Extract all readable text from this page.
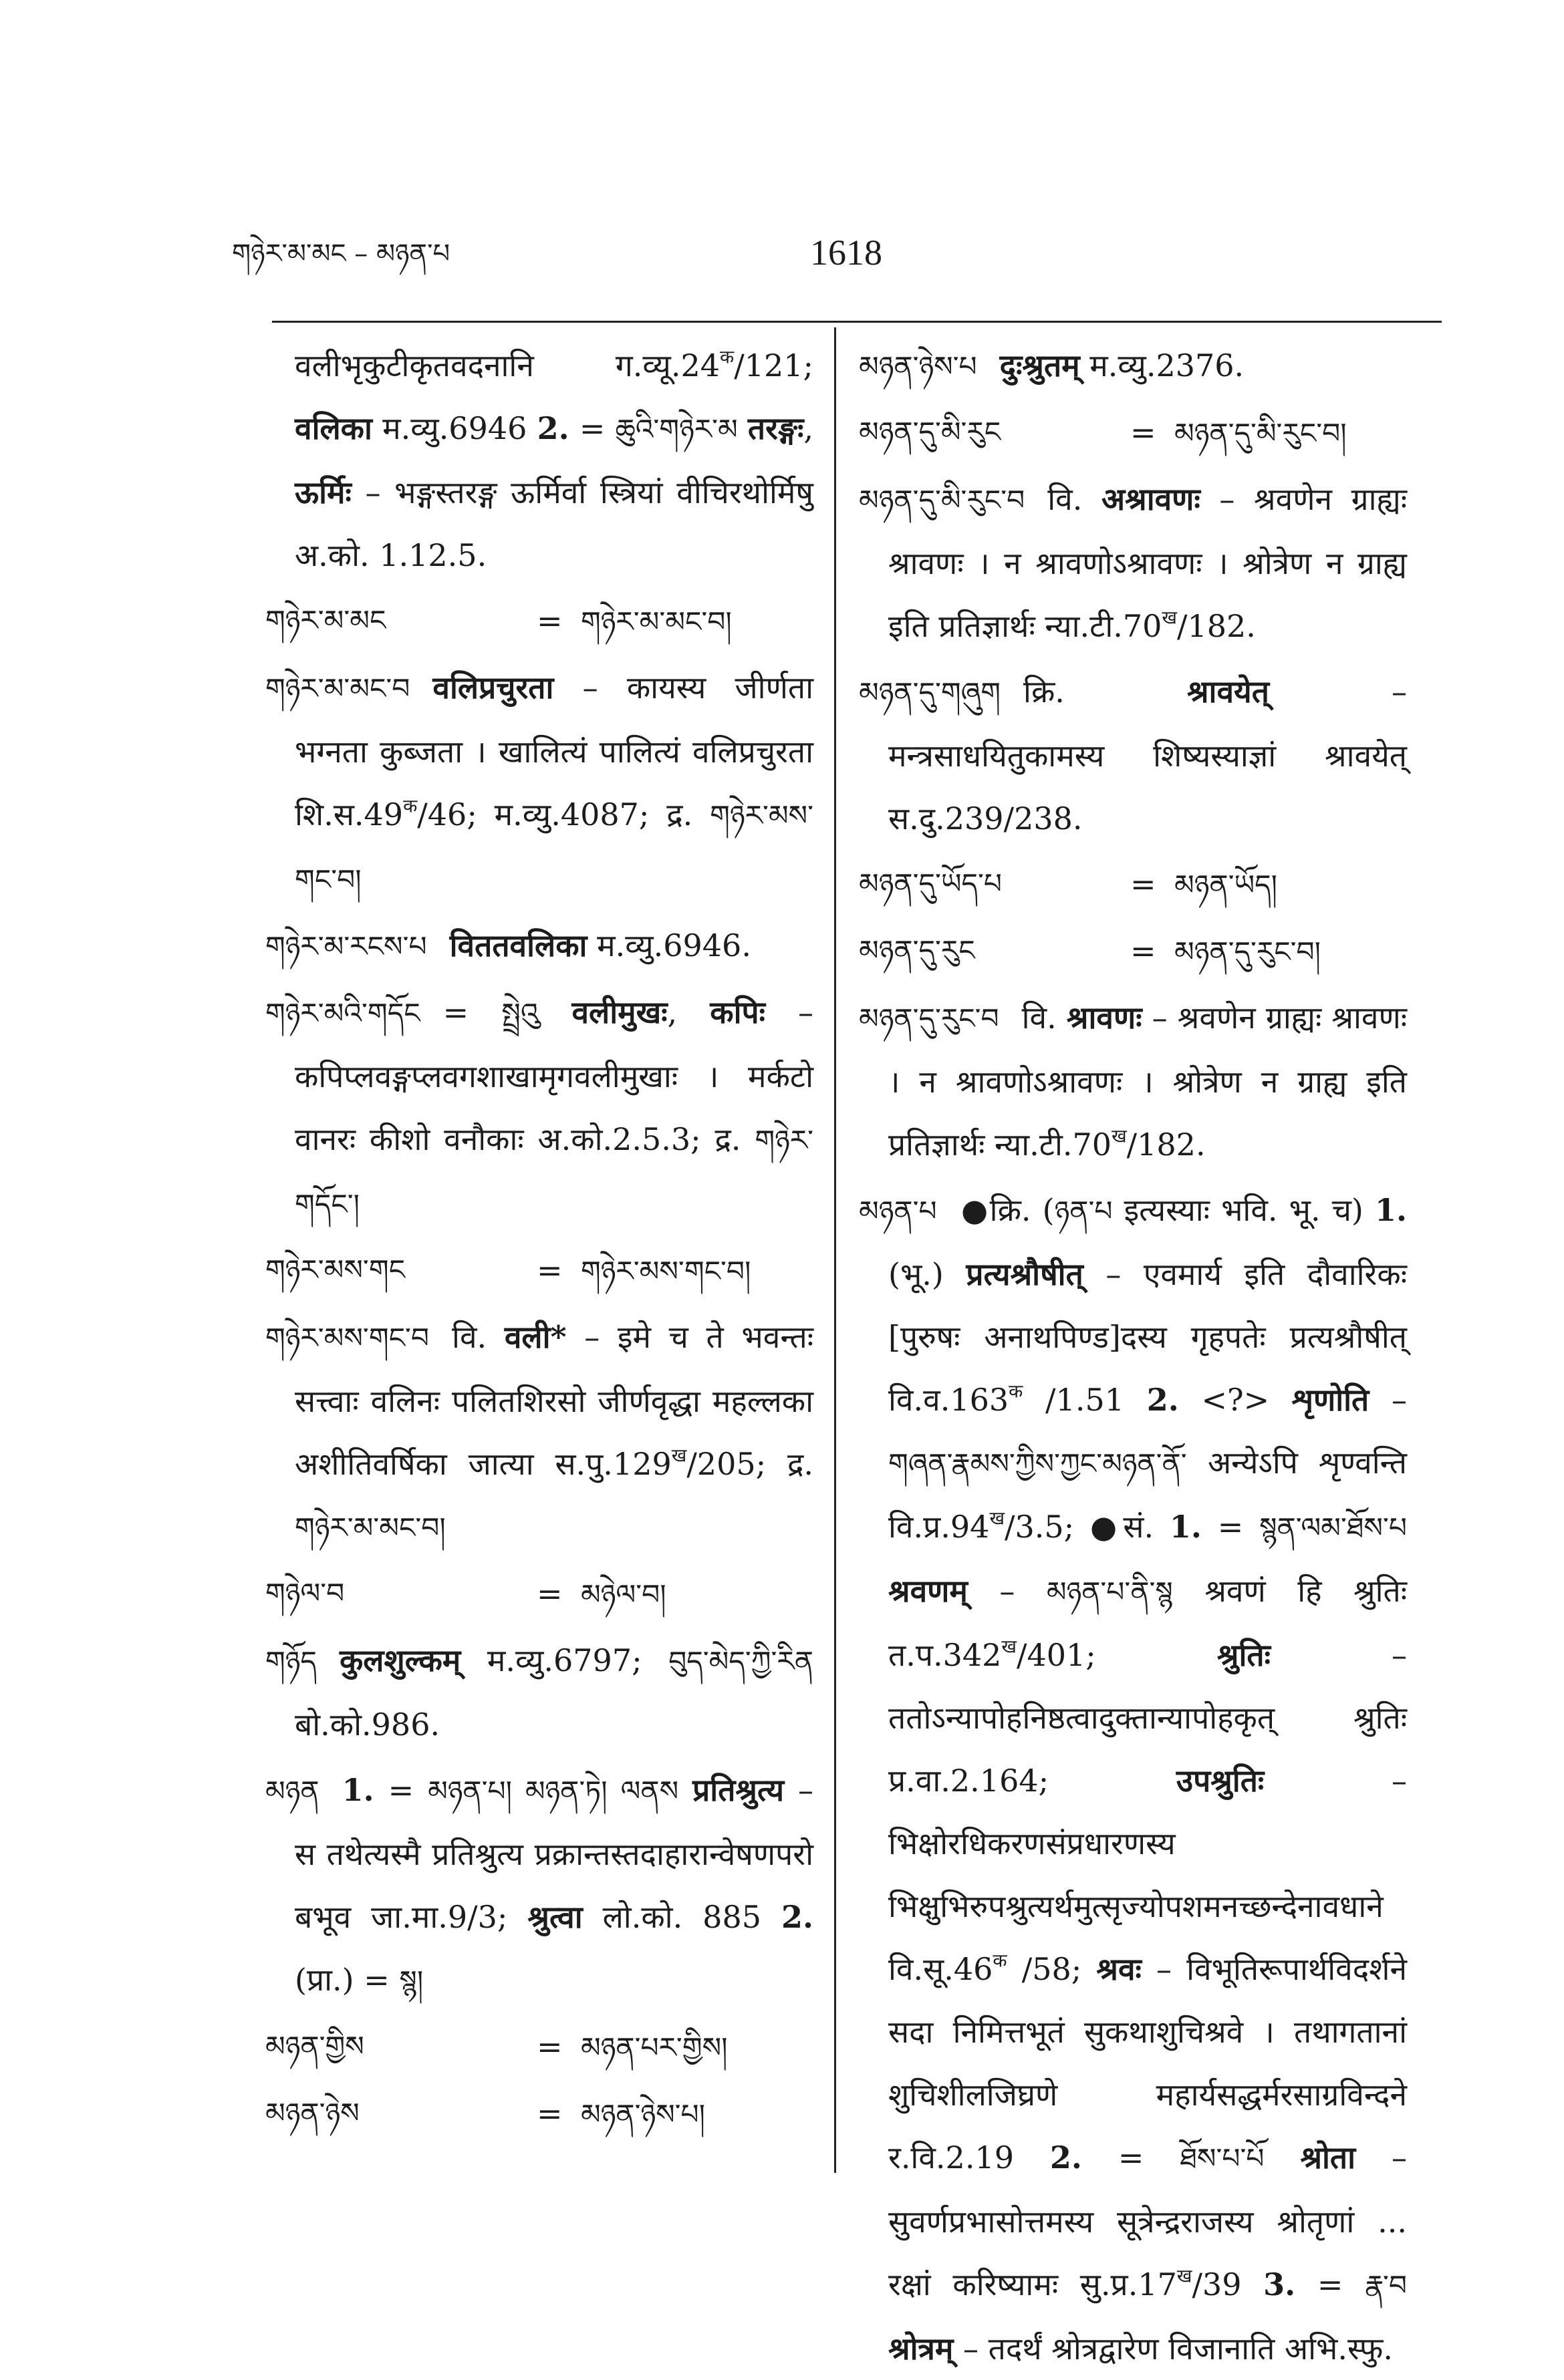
གཉེར་མ་མང – མཉན་པ	1618
वलीभृकुटीकृतवदनानि $ग.व्यू.24^क/121$; वलिका म.व्यु.6946 2. = ཆུའི་གཉེར་མ तरङ्गः, ऊर्मिः – भङ्गस्तरङ्ग ऊर्मिर्वा स्त्रियां वीचिरथोर्मिषु अ.को. 1.12.5.
གཉེར་མ་མང	= གཉེར་མ་མང་བ།
གཉེར་མ་མང་བ वलिप्रचुरता – कायस्य जीर्णता भग्नता कुब्जता । खालित्यं पालित्यं वलिप्रचुरता $शि.स.49^क/46$; म.व्यु.4087; द्र. གཉེར་མས་གང་བ།
གཉེར་མ་རངས་པ विततवलिका म.व्यु.6946.
གཉེར་མའི་གདོང = སྤྲེའུ वलीमुखः, कपिः – कपिप्लवङ्गप्लवगशाखामृगवलीमुखाः । मर्कटो वानरः कीशो वनौकाः अ.को.2.5.3; द्र. གཉེར་གདོང་།
གཉེར་མས་གང	= གཉེར་མས་གང་བ།
གཉེར་མས་གང་བ वि. वली* – इमे च ते भवन्तः सत्त्वाः वलिनः पलितशिरसो जीर्णवृद्धा महल्लका अशीतिवर्षिका जात्या $स.पु.129^ख/205$; द्र. གཉེར་མ་མང་བ།
གཉེལ་བ	= མཉེལ་བ།
གཉོད कुलशुल्कम् म.व्यु.6797; བུད་མེད་ཀྱི་རིན बो.को.986.
མཉན 1. = མཉན་པ། མཉན་ཏེ། ལནས प्रतिश्रुत्य – स तथेत्यस्मै प्रतिश्रुत्य प्रक्रान्तस्तदाहारान्वेषणपरो बभूव जा.मा.9/3; श्रुत्वा लो.को. 885 2. (प्रा.) = སྙ།
མཉན་གྱིས	= མཉན་པར་གྱིས།
མཉན་ཉེས	= མཉན་ཉེས་པ།
མཉན་ཉེས་པ दुःश्रुतम् म.व्यु.2376.
མཉན་དུ་མི་རུང	= མཉན་དུ་མི་རུང་བ།
མཉན་དུ་མི་རུང་བ वि. अश्रावणः – श्रवणेन ग्राह्यः श्रावणः । न श्रावणोऽश्रावणः । श्रोत्रेण न ग्राह्य इति प्रतिज्ञार्थः $न्या.टी.70^ख/182$.
མཉན་དུ་གཞུག क्रि. श्रावयेत् – मन्त्रसाधयितुकामस्य शिष्यस्याज्ञां श्रावयेत् स.दु.239/238.
མཉན་དུ་ཡོད་པ	= མཉན་ཡོད།
མཉན་དུ་རུང	= མཉན་དུ་རུང་བ།
མཉན་དུ་རུང་བ वि. श्रावणः – श्रवणेन ग्राह्यः श्रावणः । न श्रावणोऽश्रावणः । श्रोत्रेण न ग्राह्य इति प्रतिज्ञार्थः $न्या.टी.70^ख/182$.
མཉན་པ ●क्रि. (ཉན་པ इत्यस्याः भवि. भू. च) 1. (भू.) प्रत्यश्रौषीत् – एवमार्य इति दौवारिकः [पुरुषः अनाथपिण्ड]दस्य गृहपतेः प्रत्यश्रौषीत् $वि.व.163^क$ /1.51 2. <?> शृणोति – གཞན་རྣམས་ཀྱིས་ཀྱང་མཉན་ནོ་ अन्येऽपि शृण्वन्ति $वि.प्र.94^ख/3.5$; ●सं. 1. = སྙན་ལམ་ཐོས་པ श्रवणम् – མཉན་པ་ནི་སྙ श्रवणं हि श्रुतिः $त.प.342^ख/401$; श्रुतिः – ततोऽन्यापोहनिष्ठत्वादुक्तान्यापोहकृत् श्रुतिः प्र.वा.2.164; उपश्रुतिः – भिक्षोरधिकरणसंप्रधारणस्य भिक्षुभिरुपश्रुत्यर्थमुत्सृज्योपशमनच्छन्देनावधाने $वि.सू.46^क$ /58; श्रवः – विभूतिरूपार्थविदर्शने सदा निमित्तभूतं सुकथाशुचिश्रवे । तथागतानां शुचिशीलजिघ्रणे महार्यसद्धर्मरसाग्रविन्दने र.वि.2.19 2. = ཐོས་པ་པོ श्रोता – सुवर्णप्रभासोत्तमस्य सूत्रेन्द्रराजस्य श्रोतृणां ... रक्षां करिष्यामः $सु.प्र.17^ख/39$ 3. = རྣ་བ श्रोत्रम् – तदर्थं श्रोत्रद्वारेण विजानाति अभि.स्फु.
